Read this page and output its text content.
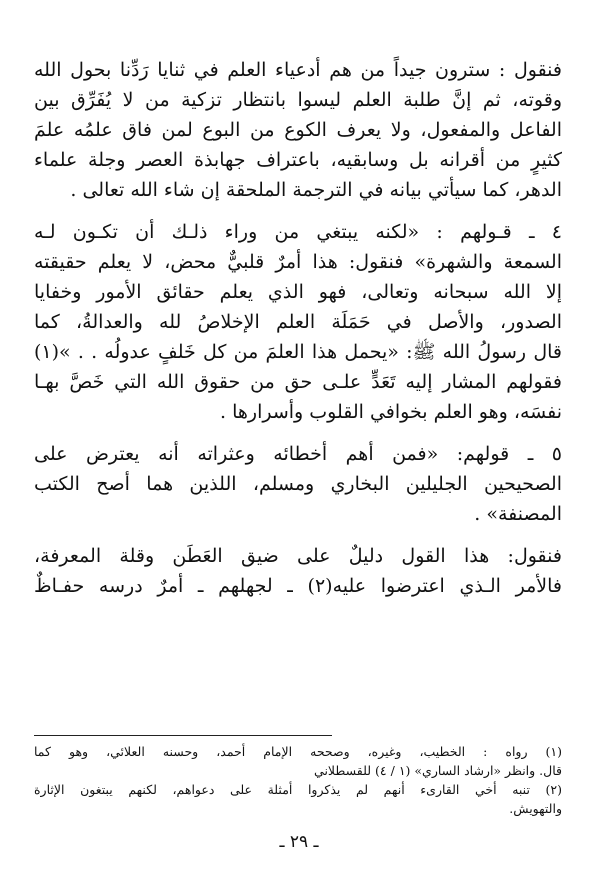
فنقول : سترون جيداً من هم أدعياء العلم في ثنايا رَدِّنا بحول الله
وقوته، ثم إنَّ طلبة العلم ليسوا بانتظار تزكية من لا يُفَرِّق بين
الفاعل والمفعول، ولا يعرف الكوع من البوع لمن فاق علمُه علمَ
كثيرٍ من أقرانه بل وسابقيه، باعتراف جهابذة العصر وجلة علماء
الدهر، كما سيأتي بيانه في الترجمة الملحقة إن شاء الله تعالى .
٤ ـ قـولهم : «لكنه يبتغي من وراء ذلـك أن تكـون لـه
السمعة والشهرة» فنقول: هذا أمرٌ قلبيٌّ محض، لا يعلم حقيقته
إلا الله سبحانه وتعالى، فهو الذي يعلم حقائق الأمور وخفايا
الصدور، والأصل في حَمَلَة العلم الإخلاصُ لله والعدالةُ، كما
قال رسولُ الله ﷺ: «يحمل هذا العلمَ من كل خَلفٍ عدولُه . . »(١)
فقولهم المشار إليه تَعَدٍّ علـى حق من حقوق الله التي خَصَّ بهـا
نفسَه، وهو العلم بخوافي القلوب وأسرارها .
٥ ـ قولهم: «فمن أهم أخطائه وعثراته أنه يعترض على
الصحيحين الجليلين البخاري ومسلم، اللذين هما أصح الكتب
المصنفة» .
فنقول: هذا القول دليلٌ على ضيق العَطَن وقلة المعرفة،
فالأمر الـذي اعترضوا عليه(٢) ـ لجهلهم ـ أمرٌ درسه حفـاظٌ
(١) رواه : الخطيب، وغيره، وصححه الإمام أحمد، وحسنه العلائي، وهو كما
قال. وانظر «ارشاد الساري» (١ / ٤) للقسطلاني
(٢) تنبه أخي القارىء أنهم لم يذكروا أمثلة على دعواهم، لكنهم يبتغون الإثارة
والتهويش.
ـ ٢٩ ـ
